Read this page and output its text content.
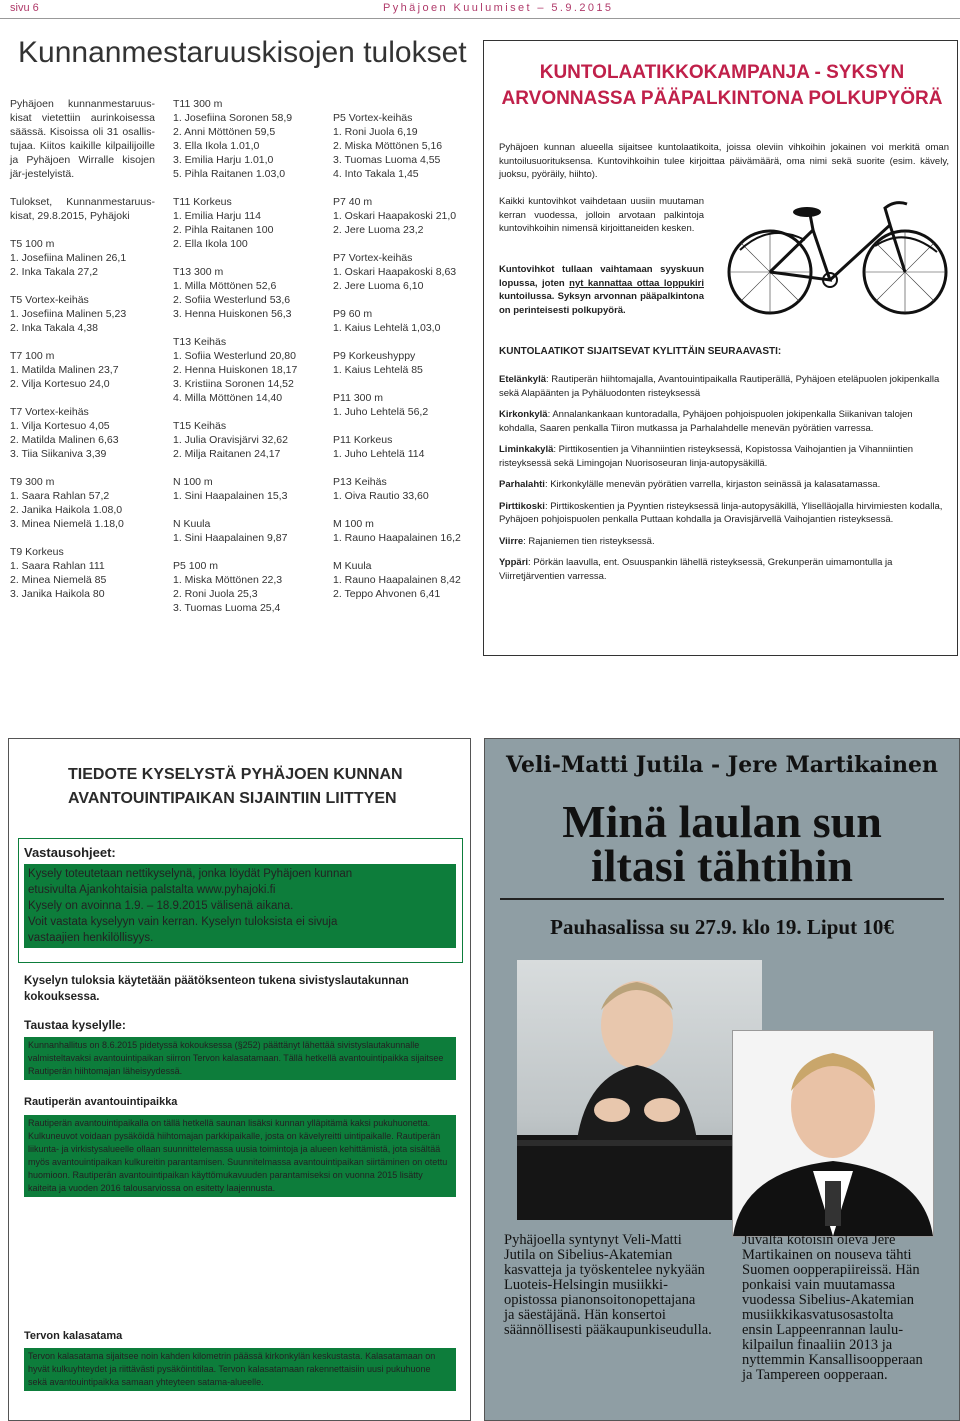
sivu 6	Pyhäjoen Kuulumiset – 5.9.2015
Kunnanmestaruuskisojen tulokset

Pyhäjoen kunnanmestaruus-kisat vietettiin aurinkoisessa säässä. Kisoissa oli 31 osallis-tujaa. Kiitos kaikille kilpailijoille ja Pyhäjoen Wirralle kisojen jär-jestelyistä.

Tulokset, Kunnanmestaruus-kisat, 29.8.2015, Pyhäjoki

T5 100 m

1. Josefiina Malinen 26,1

2. Inka Takala 27,2

T5 Vortex-keihäs

1. Josefiina Malinen 5,23

2. Inka Takala 4,38

T7 100 m

1. Matilda Malinen 23,7

2. Vilja Kortesuo 24,0

T7 Vortex-keihäs

1. Vilja Kortesuo 4,05

2. Matilda Malinen 6,63

3. Tiia Siikaniva 3,39

T9 300 m

1. Saara Rahlan 57,2

2. Janika Haikola 1.08,0

3. Minea Niemelä 1.18,0

T9 Korkeus

1. Saara Rahlan 111

2. Minea Niemelä 85

3. Janika Haikola 80

T11 300 m

1. Josefiina Soronen 58,9

2. Anni Möttönen 59,5

3. Ella Ikola 1.01,0

3. Emilia Harju 1.01,0

5. Pihla Raitanen 1.03,0

T11 Korkeus

1. Emilia Harju 114

2. Pihla Raitanen 100

2. Ella Ikola 100

T13 300 m

1. Milla Möttönen 52,6

2. Sofiia Westerlund 53,6

3. Henna Huiskonen 56,3

T13 Keihäs

1. Sofiia Westerlund 20,80

2. Henna Huiskonen 18,17

3. Kristiina Soronen 14,52

4. Milla Möttönen 14,40

T15 Keihäs

1. Julia Oravisjärvi 32,62

2. Milja Raitanen 24,17

N 100 m

1. Sini Haapalainen 15,3

N Kuula

1. Sini Haapalainen 9,87

P5 100 m

1. Miska Möttönen 22,3

2. Roni Juola 25,3

3. Tuomas Luoma 25,4

P5 Vortex-keihäs

1. Roni Juola 6,19

2. Miska Möttönen 5,16

3. Tuomas Luoma 4,55

4. Into Takala 1,45

P7 40 m

1. Oskari Haapakoski 21,0

2. Jere Luoma 23,2

P7 Vortex-keihäs

1. Oskari Haapakoski 8,63

2. Jere Luoma 6,10

P9 60 m

1. Kaius Lehtelä 1,03,0

P9 Korkeushyppy

1. Kaius Lehtelä 85

P11 300 m

1. Juho Lehtelä 56,2

P11 Korkeus

1. Juho Lehtelä 114

P13 Keihäs

1. Oiva Rautio 33,60

M 100 m

1. Rauno Haapalainen 16,2

M Kuula

1. Rauno Haapalainen 8,42

2. Teppo Ahvonen 6,41

KUNTOLAATIKKOKAMPANJA - SYKSYN
ARVONNASSA PÄÄPALKINTONA POLKUPYÖRÄ
Pyhäjoen kunnan alueella sijaitsee kuntolaatikoita, joissa oleviin vihkoihin jokainen voi merkitä oman kuntoilusuorituksensa. Kuntovihkoihin tulee kirjoittaa päivämäärä, oma nimi sekä suorite (esim. kävely, juoksu, pyöräily, hiihto).
Kaikki kuntovihkot vaihdetaan uusiin muutaman kerran vuodessa, jolloin arvotaan palkintoja kuntovihkoihin nimensä kirjoittaneiden kesken.
Kuntovihkot tullaan vaihtamaan syyskuun lopussa, joten nyt kannattaa ottaa loppukiri kuntoilussa. Syksyn arvonnan pääpalkintona on perinteisesti polkupyörä.
KUNTOLAATIKOT SIJAITSEVAT KYLITTÄIN SEURAAVASTI:

Etelänkylä: Rautiperän hiihtomajalla, Avantouintipaikalla Rautiperällä, Pyhäjoen eteläpuolen jokipenkalla sekä Alapäänten ja Pyhäluodonten risteyksessä

Kirkonkylä: Annalankankaan kuntoradalla, Pyhäjoen pohjoispuolen jokipenkalla Siikanivan talojen kohdalla, Saaren penkalla Tiiron mutkassa ja Parhalahdelle menevän pyörätien varressa.

Liminkakylä: Pirttikosentien ja Vihanniintien risteyksessä, Kopistossa Vaihojantien ja Vihanniintien risteyksessä sekä Limingojan Nuorisoseuran linja-autopysäkillä.

Parhalahti: Kirkonkylälle menevän pyörätien varrella, kirjaston seinässä ja kalasatamassa.

Pirttikoski: Pirttikoskentien ja Pyyntien risteyksessä linja-autopysäkillä, Yliselläojalla hirvimiesten kodalla, Pyhäjoen pohjoispuolen penkalla Puttaan kohdalla ja Oravisjärvellä Vaihojantien risteyksessä.

Viirre: Rajaniemen tien risteyksessä.

Yppäri: Pörkän laavulla, ent. Osuuspankin lähellä risteyksessä, Grekunperän uimamontulla ja Viirretjärventien varressa.

TIEDOTE KYSELYSTÄ PYHÄJOEN KUNNAN
AVANTOUINTIPAIKAN SIJAINTIIN LIITTYEN
Vastausohjeet:
Kysely toteutetaan nettikyselynä, jonka löydät Pyhäjoen kunnan
etusivulta Ajankohtaisia palstalta www.pyhajoki.fi
Kysely on avoinna 1.9. – 18.9.2015 välisenä aikana.
Voit vastata kyselyyn vain kerran. Kyselyn tuloksista ei sivuja
vastaajien henkilöllisyys.
Kyselyn tuloksia käytetään päätöksenteon tukena sivistyslautakunnan kokouksessa.
Taustaa kyselylle:
Kunnanhallitus on 8.6.2015 pidetyssä kokouksessa (§252) päättänyt lähettää sivistyslautakunnalle valmisteltavaksi avantouintipaikan siirron Tervon kalasatamaan. Tällä hetkellä avantouintipaikka sijaitsee Rautiperän hiihtomajan läheisyydessä.
Rautiperän avantouintipaikka
Rautiperän avantouintipaikalla on tällä hetkellä saunan lisäksi kunnan ylläpitämä kaksi pukuhuonetta. Kulkuneuvot voidaan pysäköidä hiihtomajan parkkipaikalle, josta on kävelyreitti uintipaikalle. Rautiperän liikunta- ja virkistysalueelle ollaan suunnittelemassa uusia toimintoja ja alueen kehittämistä, jota sisältää myös avantouintipaikan kulkureitin parantamisen. Suunnitelmassa avantouintipaikan siirtäminen on otettu huomioon. Rautiperän avantouintipaikan käyttömukavuuden parantamiseksi on vuonna 2015 lisätty kaiteita ja vuoden 2016 talousarviossa on esitetty laajennusta.
Tervon kalasatama
Tervon kalasatama sijaitsee noin kahden kilometrin päässä kirkonkylän keskustasta. Kalasatamaan on hyvät kulkuyhteydet ja riittävästi pysäköintitilaa. Tervon kalasatamaan rakennettaisiin uusi pukuhuone sekä avantouintipaikka samaan yhteyteen satama-alueelle.
Veli-Matti Jutila - Jere Martikainen
Minä laulan sun
iltasi tähtihin
Pauhasalissa su 27.9. klo 19. Liput 10€
Pyhäjoella syntynyt Veli-Matti
Jutila on Sibelius-Akatemian
kasvatteja ja työskentelee nykyään
Luoteis-Helsingin musiikki-
opistossa pianonsoitonopettajana
ja säestäjänä. Hän konsertoi
säännöllisesti pääkaupunkiseudulla.
Juvalta kotoisin oleva Jere
Martikainen on nouseva tähti
Suomen oopperapiireissä. Hän
ponkaisi vain muutamassa
vuodessa Sibelius-Akatemian
musiikkikasvatusosastolta
ensin Lappeenrannan laulu-
kilpailun finaaliin 2013 ja
nyttemmin Kansallisoopperaan
ja Tampereen oopperaan.
